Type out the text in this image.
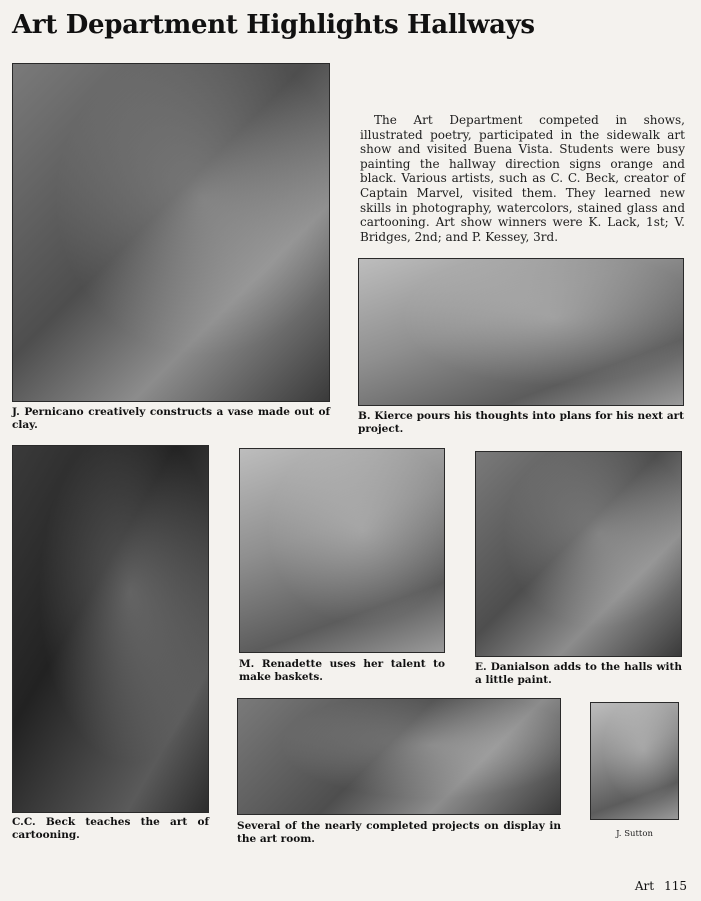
Art Department Highlights Hallways

J. Pernicano creatively constructs a vase made out of clay.

The Art Department competed in shows, illustrated poetry, participated in the sidewalk art show and visited Buena Vista. Students were busy painting the hallway direction signs orange and black. Various artists, such as C. C. Beck, creator of Captain Marvel, visited them. They learned new skills in photography, watercolors, stained glass and cartooning. Art show winners were K. Lack, 1st; V. Bridges, 2nd; and P. Kessey, 3rd.

B. Kierce pours his thoughts into plans for his next art project.

C.C. Beck teaches the art of cartooning.

M. Renadette uses her talent to make baskets.

E. Danialson adds to the halls with a little paint.

Several of the nearly completed projects on display in the art room.	J. Sutton

Art 115
